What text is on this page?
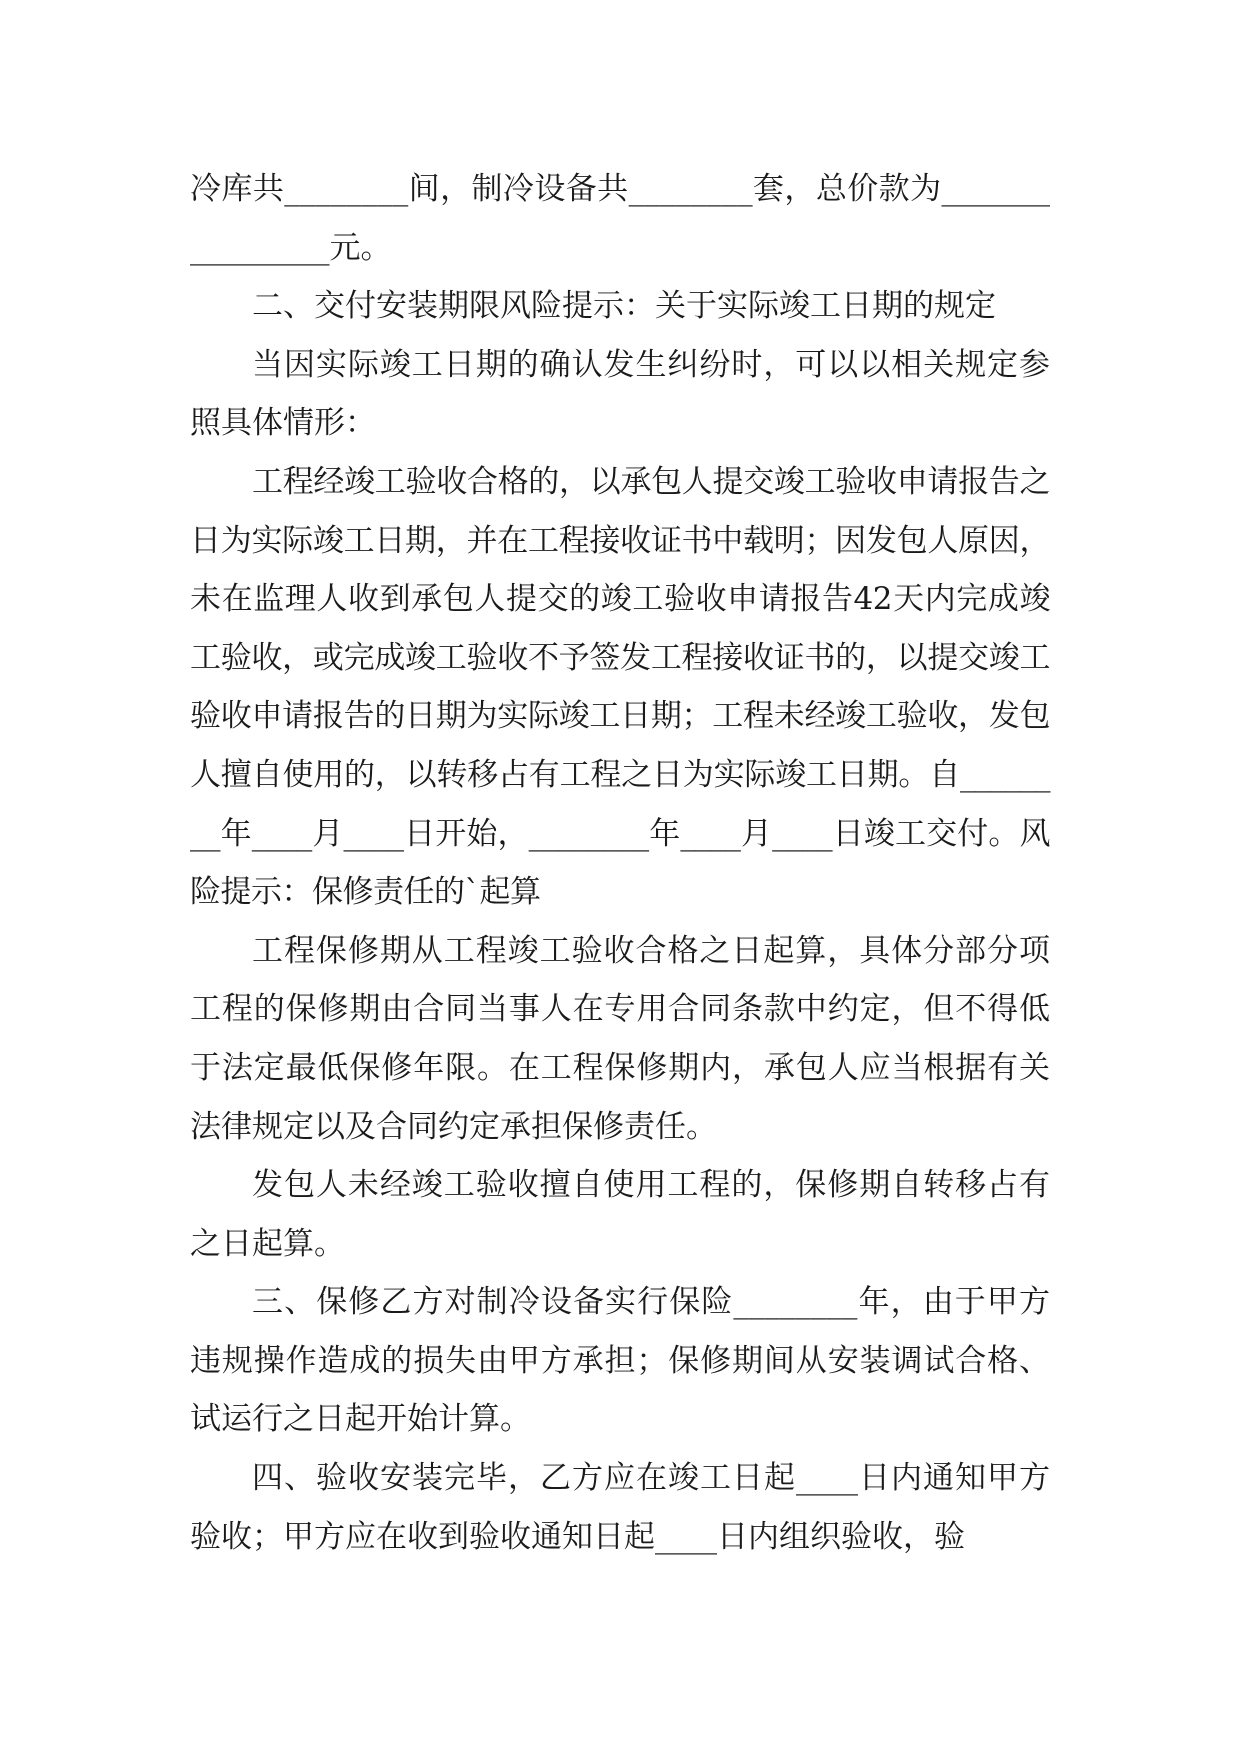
冷库共________间，制冷设备共________套，总价款为________________元。

二、交付安装期限风险提示：关于实际竣工日期的规定

当因实际竣工日期的确认发生纠纷时，可以以相关规定参照具体情形：

工程经竣工验收合格的，以承包人提交竣工验收申请报告之日为实际竣工日期，并在工程接收证书中载明；因发包人原因，未在监理人收到承包人提交的竣工验收申请报告42天内完成竣工验收，或完成竣工验收不予签发工程接收证书的，以提交竣工验收申请报告的日期为实际竣工日期；工程未经竣工验收，发包人擅自使用的，以转移占有工程之日为实际竣工日期。自________年____月____日开始，________年____月____日竣工交付。风险提示：保修责任的`起算

工程保修期从工程竣工验收合格之日起算，具体分部分项工程的保修期由合同当事人在专用合同条款中约定，但不得低于法定最低保修年限。在工程保修期内，承包人应当根据有关法律规定以及合同约定承担保修责任。

发包人未经竣工验收擅自使用工程的，保修期自转移占有之日起算。

三、保修乙方对制冷设备实行保险________年，由于甲方违规操作造成的损失由甲方承担；保修期间从安装调试合格、试运行之日起开始计算。

四、验收安装完毕，乙方应在竣工日起____日内通知甲方验收；甲方应在收到验收通知日起____日内组织验收，验
